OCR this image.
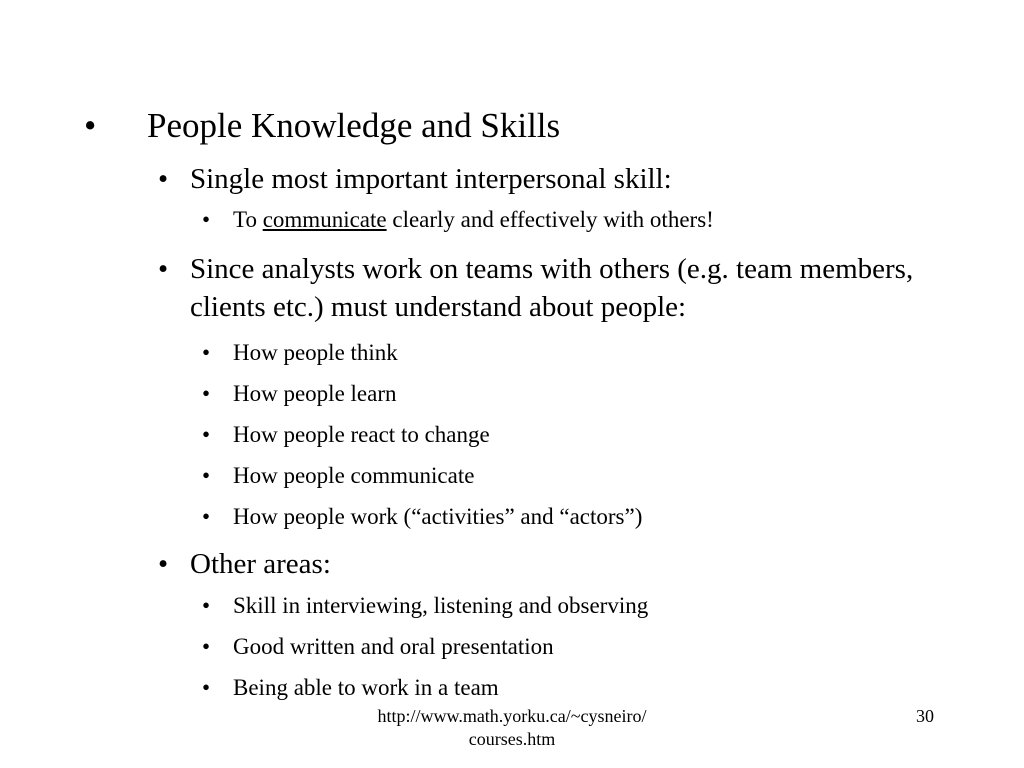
• People Knowledge and Skills
• Single most important interpersonal skill:
• To communicate clearly and effectively with others!
• Since analysts work on teams with others (e.g. team members, clients etc.) must understand about people:
• How people think
• How people learn
• How people react to change
• How people communicate
• How people work (“activities” and “actors”)
• Other areas:
• Skill in interviewing, listening and observing
• Good written and oral presentation
• Being able to work in a team
http://www.math.yorku.ca/~cysneiro/
courses.htm
30
